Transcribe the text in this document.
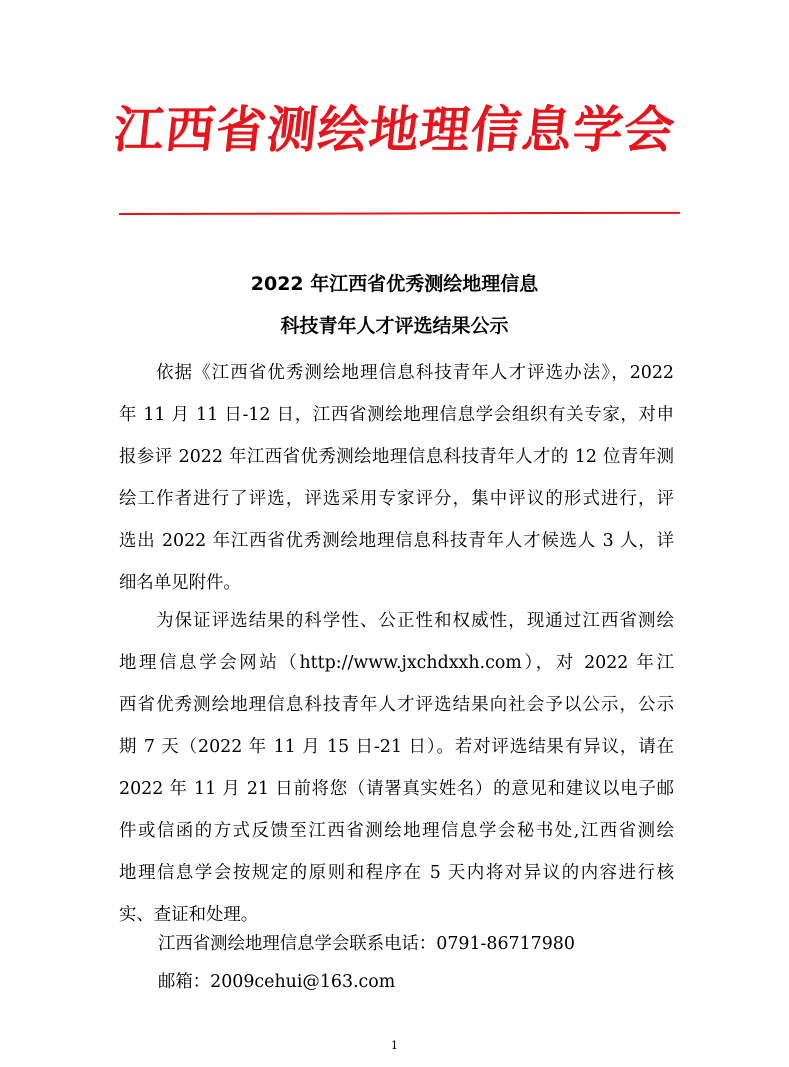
江西省测绘地理信息学会
2022 年江西省优秀测绘地理信息
科技青年人才评选结果公示
　　依据《江西省优秀测绘地理信息科技青年人才评选办法》，2022
年 11 月 11 日-12 日，江西省测绘地理信息学会组织有关专家，对申
报参评 2022 年江西省优秀测绘地理信息科技青年人才的 12 位青年测
绘工作者进行了评选，评选采用专家评分，集中评议的形式进行，评
选出 2022 年江西省优秀测绘地理信息科技青年人才候选人 3 人，详
细名单见附件。
　　为保证评选结果的科学性、公正性和权威性，现通过江西省测绘
地理信息学会网站（http://www.jxchdxxh.com），对 2022 年江
西省优秀测绘地理信息科技青年人才评选结果向社会予以公示，公示
期 7 天（2022 年 11 月 15 日-21 日）。若对评选结果有异议，请在
2022 年 11 月 21 日前将您（请署真实姓名）的意见和建议以电子邮
件或信函的方式反馈至江西省测绘地理信息学会秘书处,江西省测绘
地理信息学会按规定的原则和程序在 5 天内将对异议的内容进行核
实、查证和处理。
江西省测绘地理信息学会联系电话：0791-86717980
邮箱：2009cehui@163.com
1
